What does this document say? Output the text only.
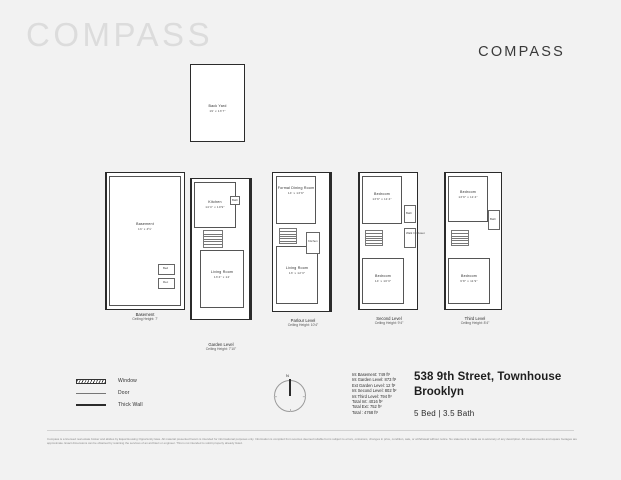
COMPASS	COMPASS
Basement
13' x 4½'
Bed
Rec
Basement
Ceiling Height: 7'
Back Yard
19' x 13'7"
Kitchen
14'4" x 10'9"
Living Room
13'4" x 12'
Bath
Garden Level
Ceiling Height: 7'10"
Formal Dining Room
14' x 13'9"
Living Room
13' x 12'3"
Kitchen
Parlour Level
Ceiling Height: 10'4"
Bedroom
13'9" x 11'4"
Bedroom
14' x 10'3"
Walk In Closet
Bath
Second Level
Ceiling Height: 9'4"
Bedroom
13'9" x 11'4"
Bedroom
6'8" x 11'9"
Bath
Third Level
Ceiling Height: 8'4"
Window
Door
Thick Wall
N	Int Basement: 749 ft²
Int Garden Level: 873 ft²
Ext Garden Level: 12 ft²
Int Second Level: 802 ft²
Int Third Level: 794 ft²
Total Int: 4016 ft²
Total Ext: 752 ft²
Total : 4768 ft²
538 9th Street, Townhouse
Brooklyn
5 Bed | 3.5 Bath
Compass is a licensed real estate broker and abides by Equal Housing Opportunity laws. All material presented herein is intended for informational purposes only. Information is compiled from sources deemed reliable but is subject to errors, omissions, changes in price, condition, sale, or withdrawal without notice. No statement is made as to accuracy of any description. All measurements and square footages are approximate. Exact dimensions can be obtained by retaining the services of an architect or engineer. This is not intended to solicit property already listed.
